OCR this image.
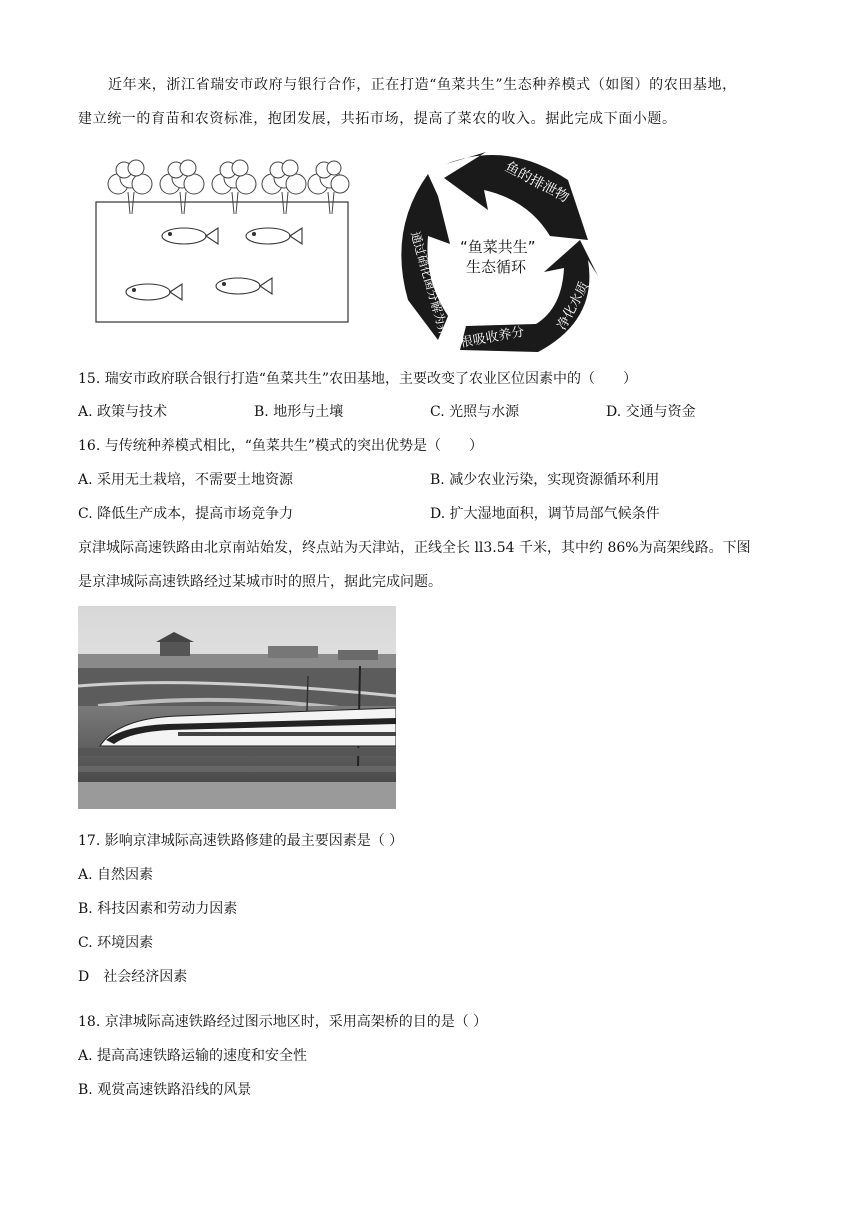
近年来，浙江省瑞安市政府与银行合作，正在打造“鱼菜共生”生态种养模式（如图）的农田基地，
建立统一的育苗和农资标准，抱团发展，共拓市场，提高了菜农的收入。据此完成下面小题。
鱼的排泄物
根吸收养分
净化水质
通过硝化菌分解为养分 “鱼菜共生”
生态循环
15. 瑞安市政府联合银行打造“鱼菜共生”农田基地，主要改变了农业区位因素中的（　　）
A. 政策与技术	B. 地形与土壤	C. 光照与水源	D. 交通与资金
16. 与传统种养模式相比，“鱼菜共生”模式的突出优势是（　　）
A. 采用无土栽培，不需要土地资源	B. 减少农业污染，实现资源循环利用
C. 降低生产成本，提高市场竞争力	D. 扩大湿地面积，调节局部气候条件
京津城际高速铁路由北京南站始发，终点站为天津站，正线全长 ll3.54 千米，其中约 86%为高架线路。下图
是京津城际高速铁路经过某城市时的照片，据此完成问题。
17. 影响京津城际高速铁路修建的最主要因素是（ ）
A. 自然因素
B. 科技因素和劳动力因素
C. 环境因素
D　社会经济因素
18. 京津城际高速铁路经过图示地区时，采用高架桥的目的是（ ）
A. 提高高速铁路运输的速度和安全性
B. 观赏高速铁路沿线的风景
